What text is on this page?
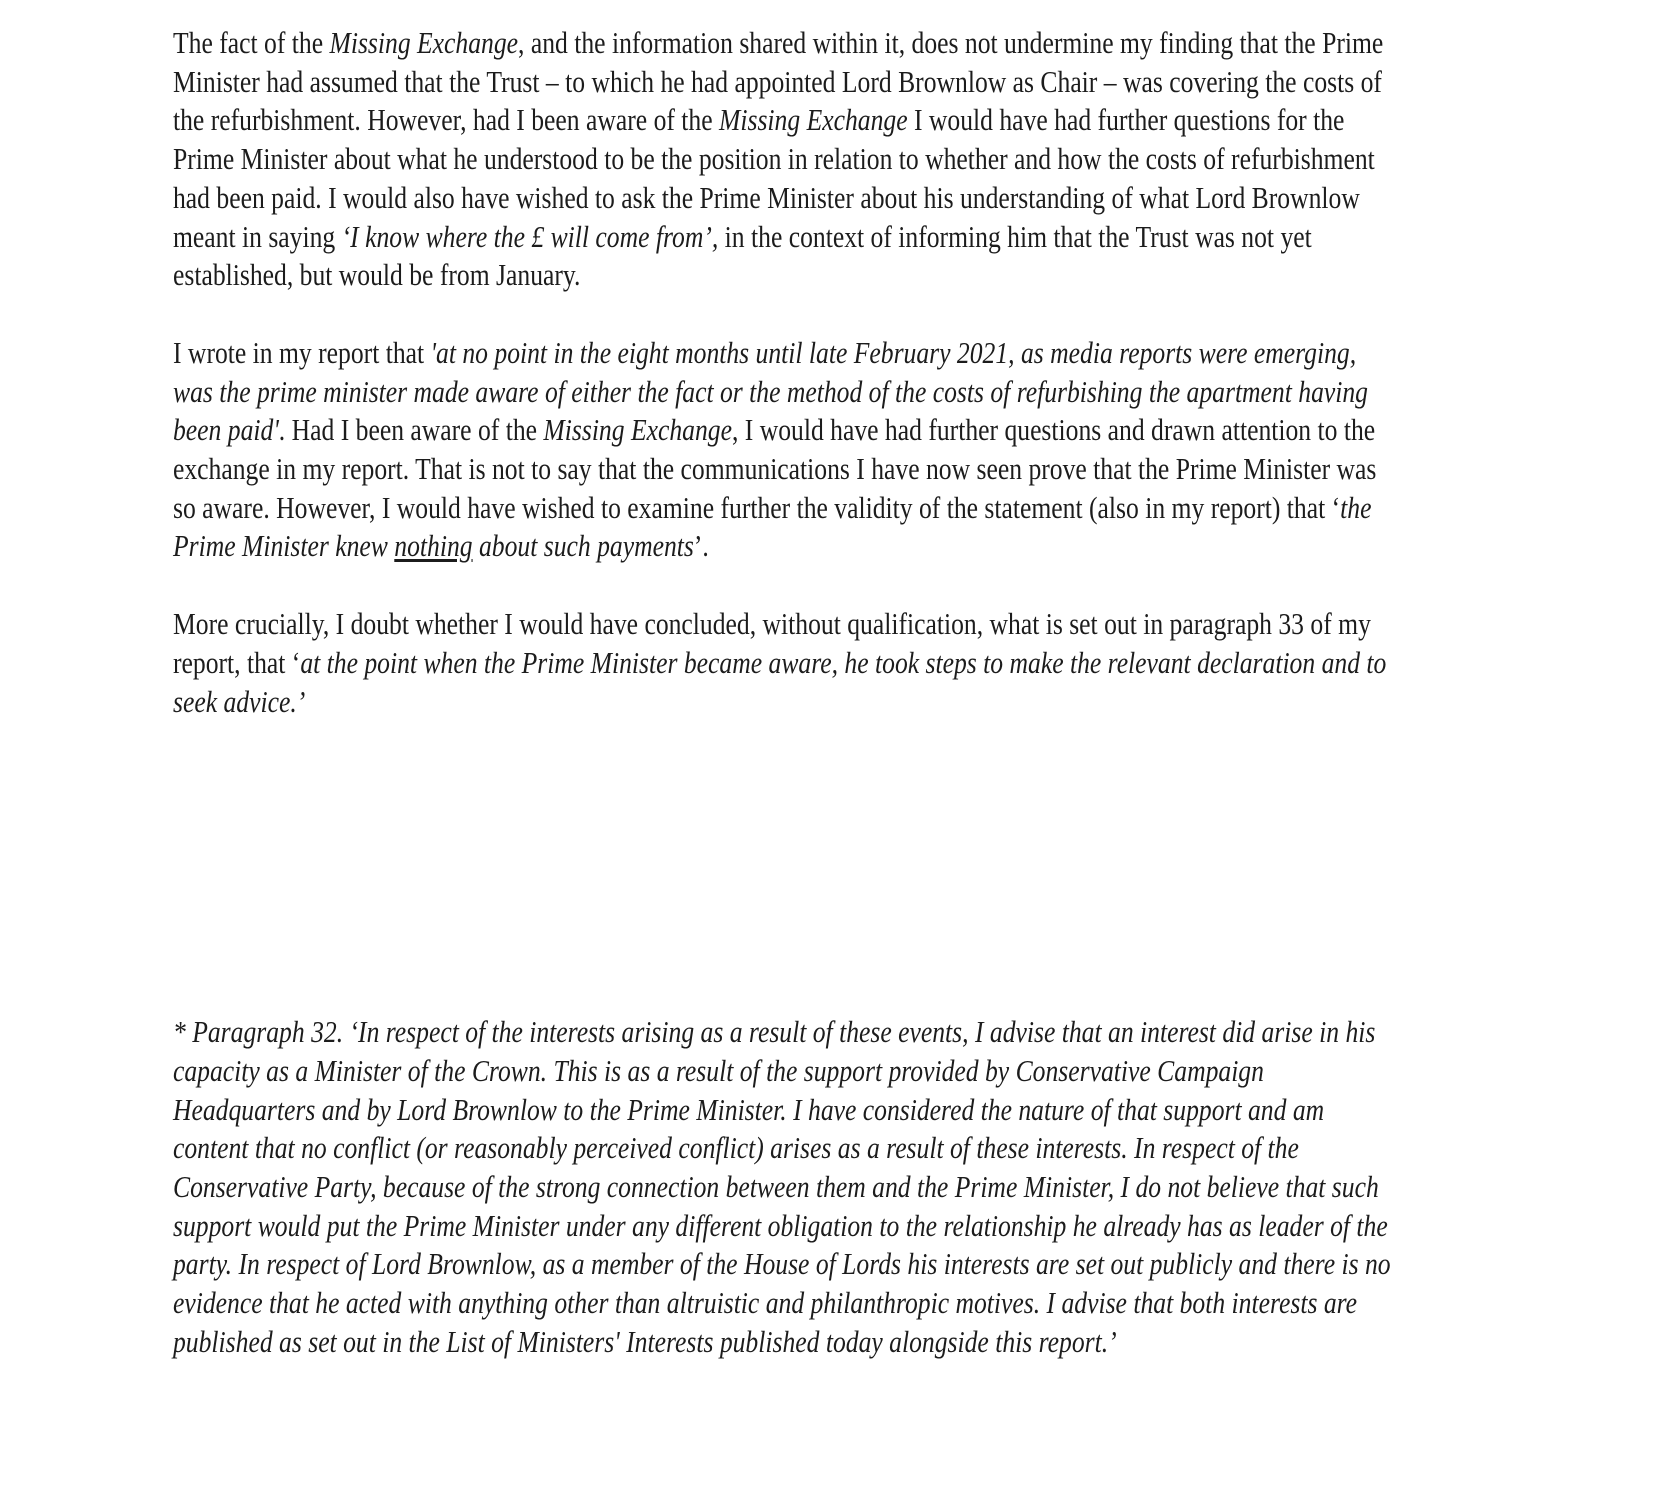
The fact of the Missing Exchange, and the information shared within it, does not undermine my finding that the Prime Minister had assumed that the Trust – to which he had appointed Lord Brownlow as Chair – was covering the costs of the refurbishment. However, had I been aware of the Missing Exchange I would have had further questions for the Prime Minister about what he understood to be the position in relation to whether and how the costs of refurbishment had been paid. I would also have wished to ask the Prime Minister about his understanding of what Lord Brownlow meant in saying ‘I know where the £ will come from’, in the context of informing him that the Trust was not yet established, but would be from January.

I wrote in my report that 'at no point in the eight months until late February 2021, as media reports were emerging, was the prime minister made aware of either the fact or the method of the costs of refurbishing the apartment having been paid'. Had I been aware of the Missing Exchange, I would have had further questions and drawn attention to the exchange in my report. That is not to say that the communications I have now seen prove that the Prime Minister was so aware. However, I would have wished to examine further the validity of the statement (also in my report) that ‘the Prime Minister knew nothing about such payments’.

More crucially, I doubt whether I would have concluded, without qualification, what is set out in paragraph 33 of my report, that ‘at the point when the Prime Minister became aware, he took steps to make the relevant declaration and to seek advice.’

* Paragraph 32. ‘In respect of the interests arising as a result of these events, I advise that an interest did arise in his capacity as a Minister of the Crown. This is as a result of the support provided by Conservative Campaign Headquarters and by Lord Brownlow to the Prime Minister. I have considered the nature of that support and am content that no conflict (or reasonably perceived conflict) arises as a result of these interests. In respect of the Conservative Party, because of the strong connection between them and the Prime Minister, I do not believe that such support would put the Prime Minister under any different obligation to the relationship he already has as leader of the party. In respect of Lord Brownlow, as a member of the House of Lords his interests are set out publicly and there is no evidence that he acted with anything other than altruistic and philanthropic motives. I advise that both interests are published as set out in the List of Ministers' Interests published today alongside this report.’
